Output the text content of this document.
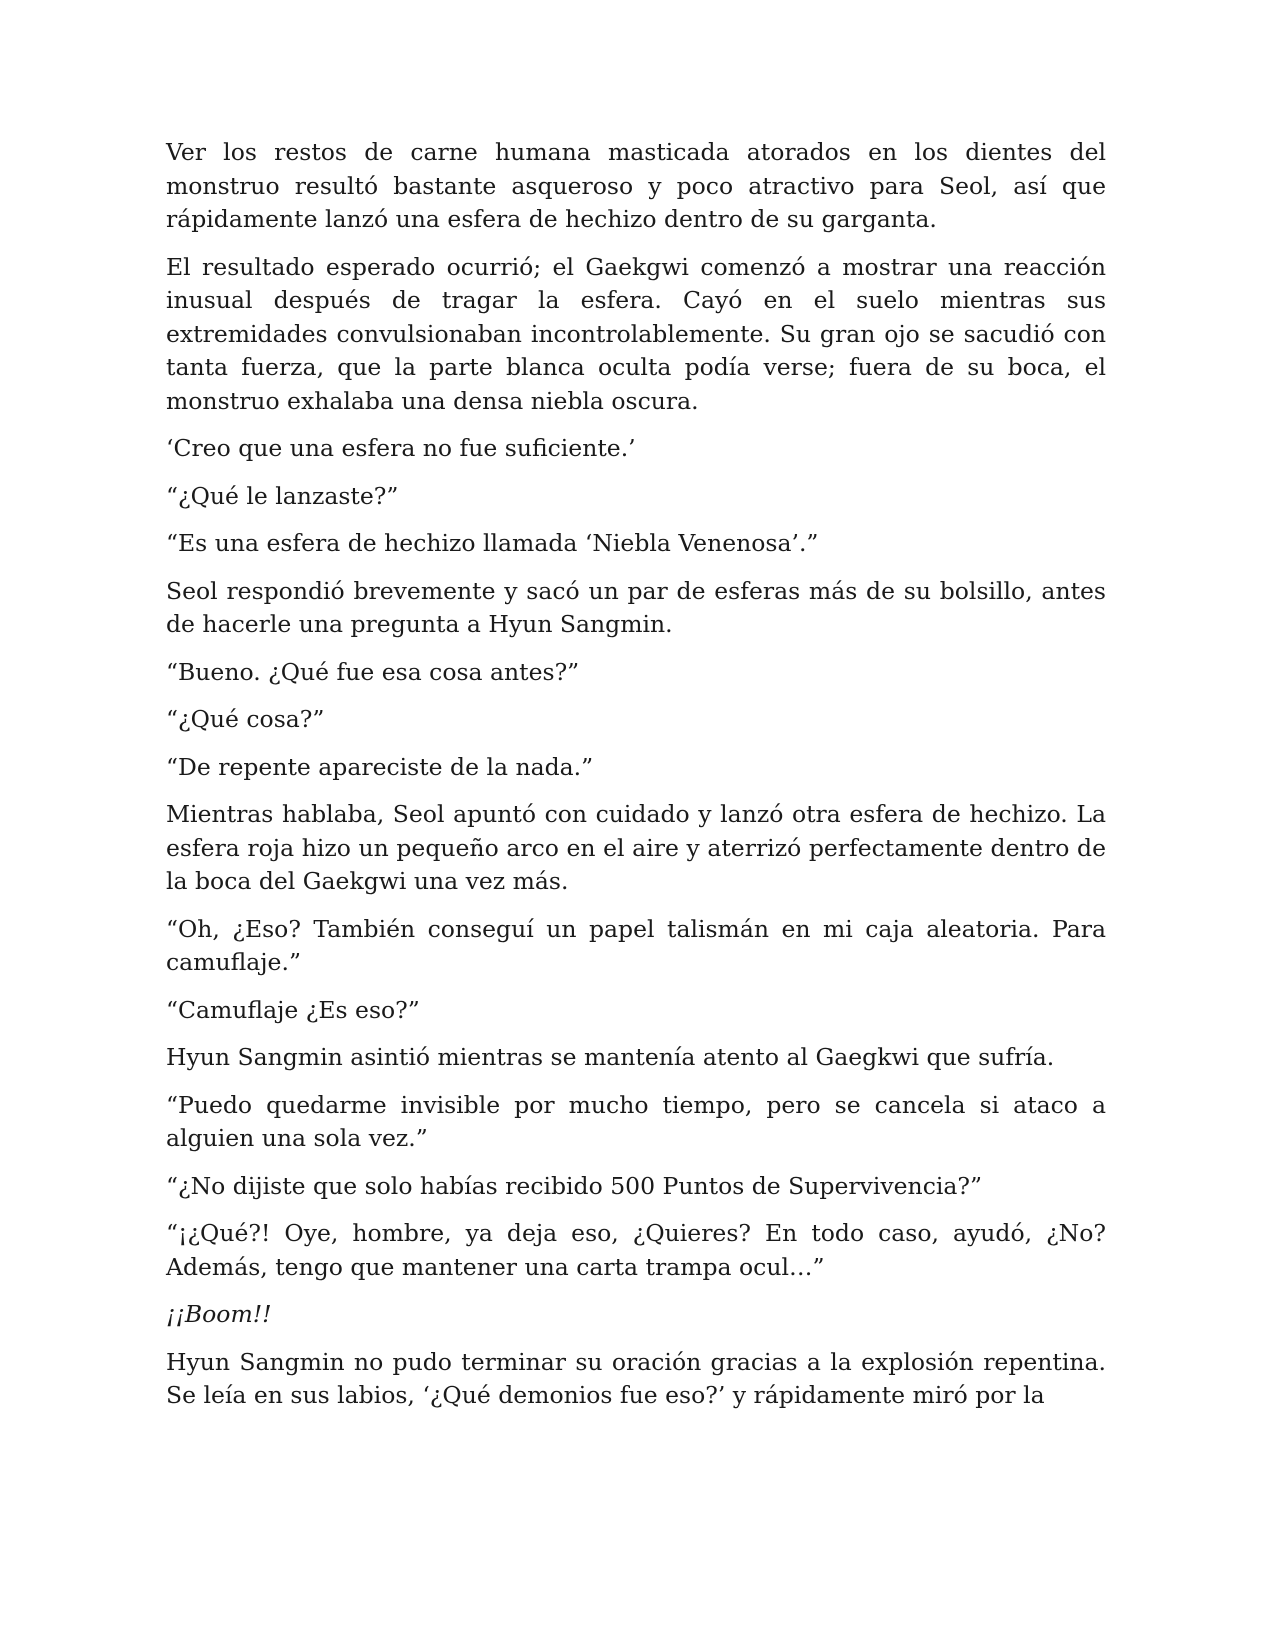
Ver los restos de carne humana masticada atorados en los dientes del monstruo resultó bastante asqueroso y poco atractivo para Seol, así que rápidamente lanzó una esfera de hechizo dentro de su garganta.

El resultado esperado ocurrió; el Gaekgwi comenzó a mostrar una reacción inusual después de tragar la esfera. Cayó en el suelo mientras sus extremidades convulsionaban incontrolablemente. Su gran ojo se sacudió con tanta fuerza, que la parte blanca oculta podía verse; fuera de su boca, el monstruo exhalaba una densa niebla oscura.

‘Creo que una esfera no fue suficiente.’

“¿Qué le lanzaste?”

“Es una esfera de hechizo llamada ‘Niebla Venenosa’.”

Seol respondió brevemente y sacó un par de esferas más de su bolsillo, antes de hacerle una pregunta a Hyun Sangmin.

“Bueno. ¿Qué fue esa cosa antes?”

“¿Qué cosa?”

“De repente apareciste de la nada.”

Mientras hablaba, Seol apuntó con cuidado y lanzó otra esfera de hechizo. La esfera roja hizo un pequeño arco en el aire y aterrizó perfectamente dentro de la boca del Gaekgwi una vez más.

“Oh, ¿Eso? También conseguí un papel talismán en mi caja aleatoria. Para camuflaje.”

“Camuflaje ¿Es eso?”

Hyun Sangmin asintió mientras se mantenía atento al Gaegkwi que sufría.

“Puedo quedarme invisible por mucho tiempo, pero se cancela si ataco a alguien una sola vez.”

“¿No dijiste que solo habías recibido 500 Puntos de Supervivencia?”

“¡¿Qué?! Oye, hombre, ya deja eso, ¿Quieres? En todo caso, ayudó, ¿No? Además, tengo que mantener una carta trampa ocul…”

¡¡Boom!!

Hyun Sangmin no pudo terminar su oración gracias a la explosión repentina. Se leía en sus labios, ‘¿Qué demonios fue eso?’ y rápidamente miró por la
